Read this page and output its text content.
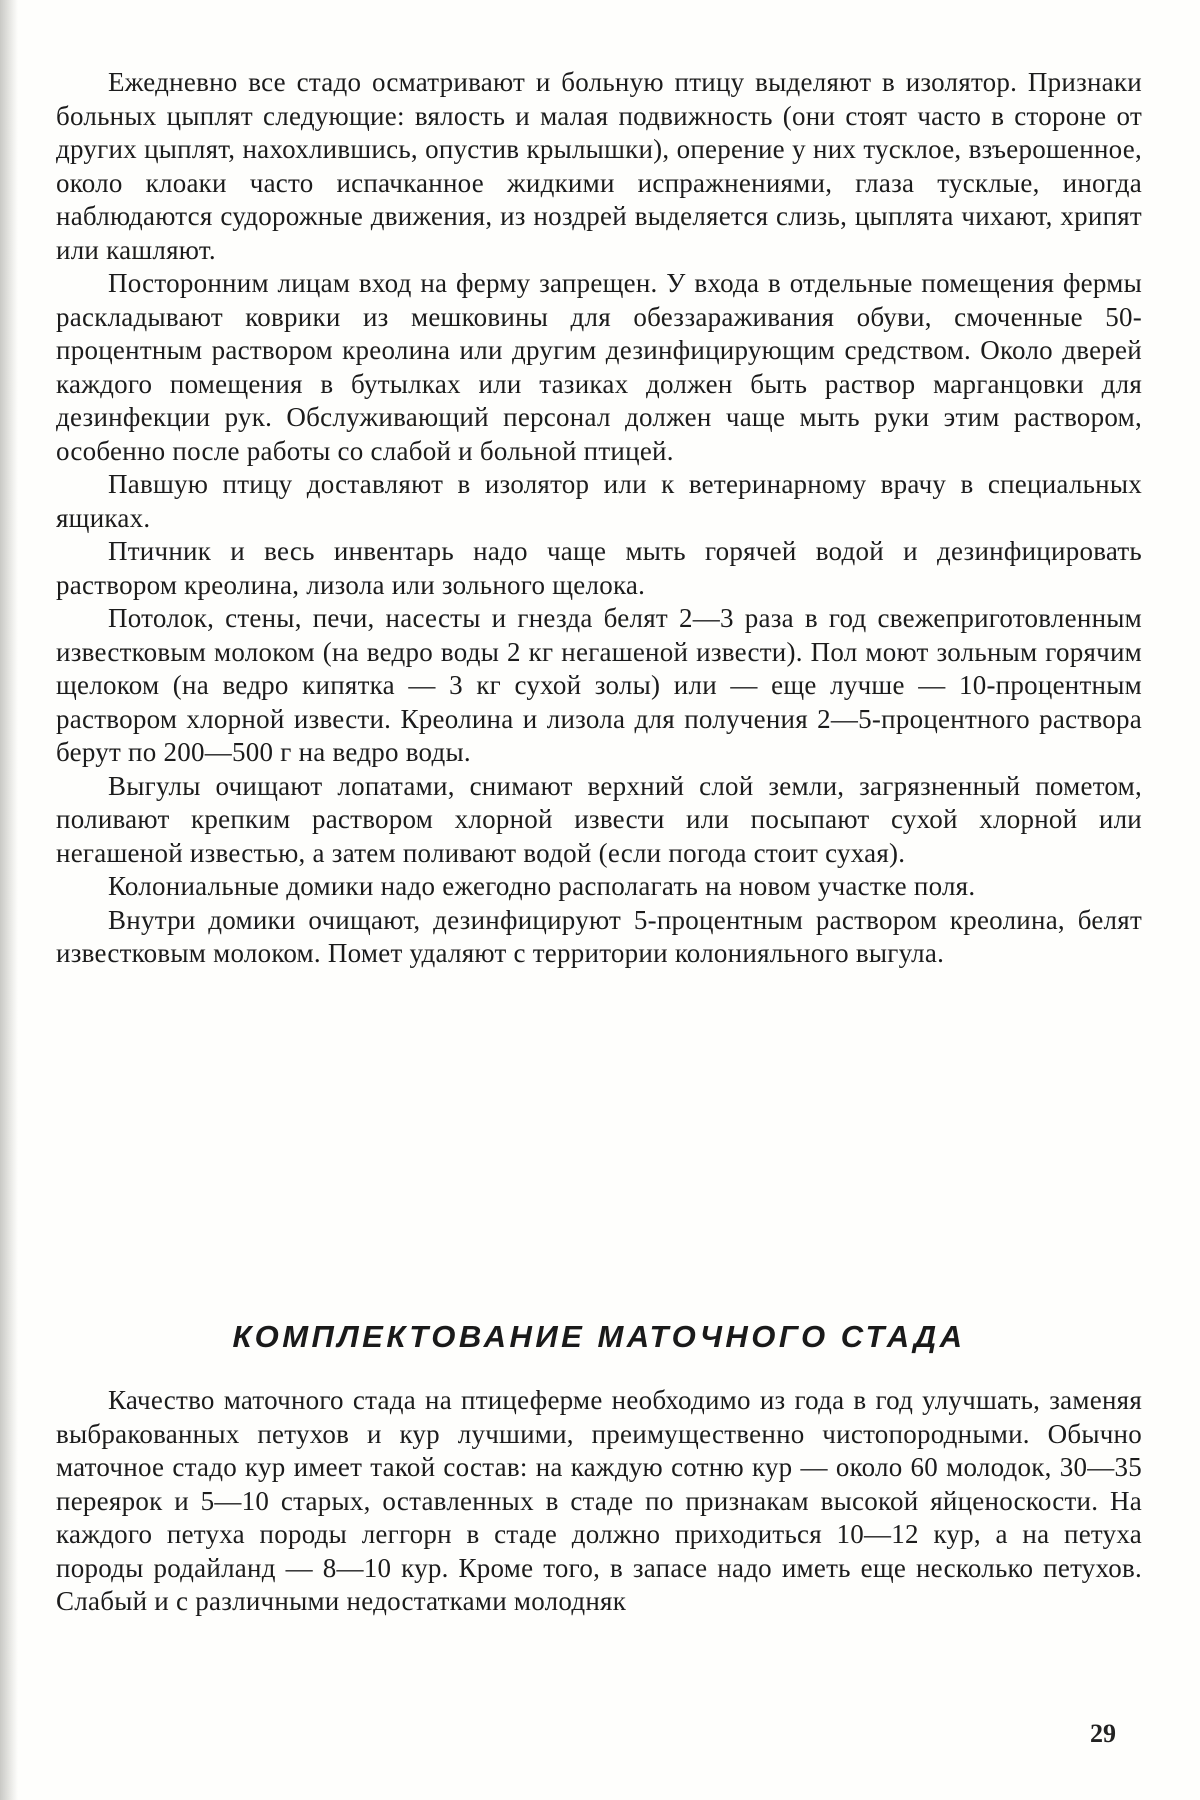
Ежедневно все стадо осматривают и больную птицу выделяют в изолятор. Признаки больных цыплят следующие: вялость и малая подвижность (они стоят часто в стороне от других цыплят, нахохлившись, опустив крылышки), оперение у них тусклое, взъерошенное, около клоаки часто испачканное жидкими испражнениями, глаза тусклые, иногда наблюдаются судорожные движения, из ноздрей выделяется слизь, цыплята чихают, хрипят или кашляют.

Посторонним лицам вход на ферму запрещен. У входа в отдельные помещения фермы раскладывают коврики из мешковины для обеззараживания обуви, смоченные 50-процентным раствором креолина или другим дезинфицирующим средством. Около дверей каждого помещения в бутылках или тазиках должен быть раствор марганцовки для дезинфекции рук. Обслуживающий персонал должен чаще мыть руки этим раствором, особенно после работы со слабой и больной птицей.

Павшую птицу доставляют в изолятор или к ветеринарному врачу в специальных ящиках.

Птичник и весь инвентарь надо чаще мыть горячей водой и дезинфицировать раствором креолина, лизола или зольного щелока.

Потолок, стены, печи, насесты и гнезда белят 2—3 раза в год свежеприготовленным известковым молоком (на ведро воды 2 кг негашеной извести). Пол моют зольным горячим щелоком (на ведро кипятка — 3 кг сухой золы) или — еще лучше — 10-процентным раствором хлорной извести. Креолина и лизола для получения 2—5-процентного раствора берут по 200—500 г на ведро воды.

Выгулы очищают лопатами, снимают верхний слой земли, загрязненный пометом, поливают крепким раствором хлорной извести или посыпают сухой хлорной или негашеной известью, а затем поливают водой (если погода стоит сухая).

Колониальные домики надо ежегодно располагать на новом участке поля.

Внутри домики очищают, дезинфицируют 5-процентным раствором креолина, белят известковым молоком. Помет удаляют с территории колонияльного выгула.

КОМПЛЕКТОВАНИЕ МАТОЧНОГО СТАДА

Качество маточного стада на птицеферме необходимо из года в год улучшать, заменяя выбракованных петухов и кур лучшими, преимущественно чистопородными. Обычно маточное стадо кур имеет такой состав: на каждую сотню кур — около 60 молодок, 30—35 переярок и 5—10 старых, оставленных в стаде по признакам высокой яйценоскости. На каждого петуха породы леггорн в стаде должно приходиться 10—12 кур, а на петуха породы родайланд — 8—10 кур. Кроме того, в запасе надо иметь еще несколько петухов. Слабый и с различными недостатками молодняк

29
